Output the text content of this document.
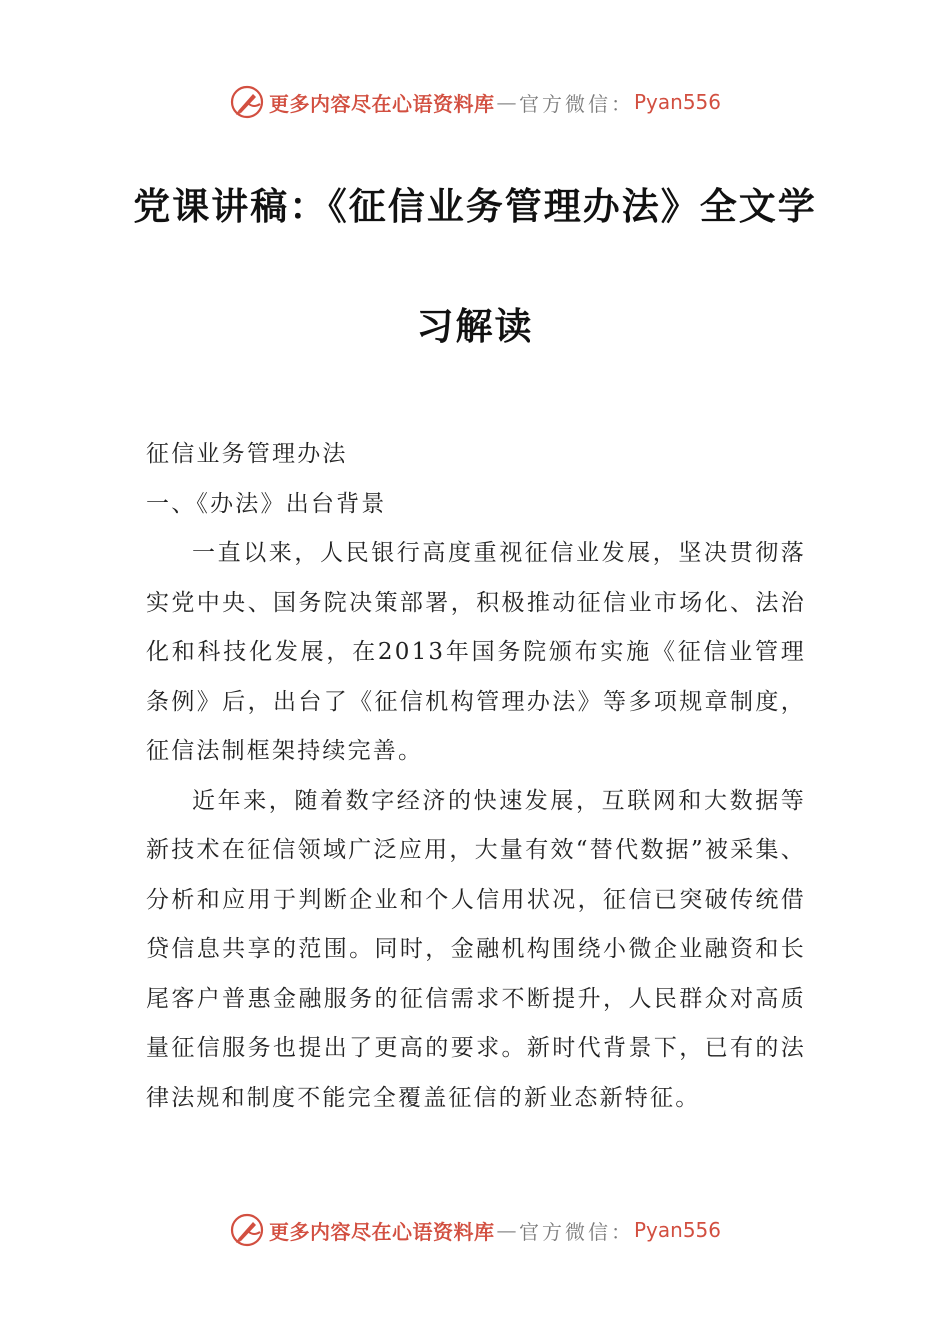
更多内容尽在心语资料库 — 官方微信： Pyan556
党课讲稿：《征信业务管理办法》全文学
习解读

征信业务管理办法

一、《办法》出台背景

一直以来，人民银行高度重视征信业发展，坚决贯彻落实党中央、国务院决策部署，积极推动征信业市场化、法治化和科技化发展，在2013年国务院颁布实施《征信业管理条例》后，出台了《征信机构管理办法》等多项规章制度，征信法制框架持续完善。

近年来，随着数字经济的快速发展，互联网和大数据等新技术在征信领域广泛应用，大量有效“替代数据”被采集、分析和应用于判断企业和个人信用状况，征信已突破传统借贷信息共享的范围。同时，金融机构围绕小微企业融资和长尾客户普惠金融服务的征信需求不断提升，人民群众对高质量征信服务也提出了更高的要求。新时代背景下，已有的法律法规和制度不能完全覆盖征信的新业态新特征。

更多内容尽在心语资料库 — 官方微信： Pyan556
